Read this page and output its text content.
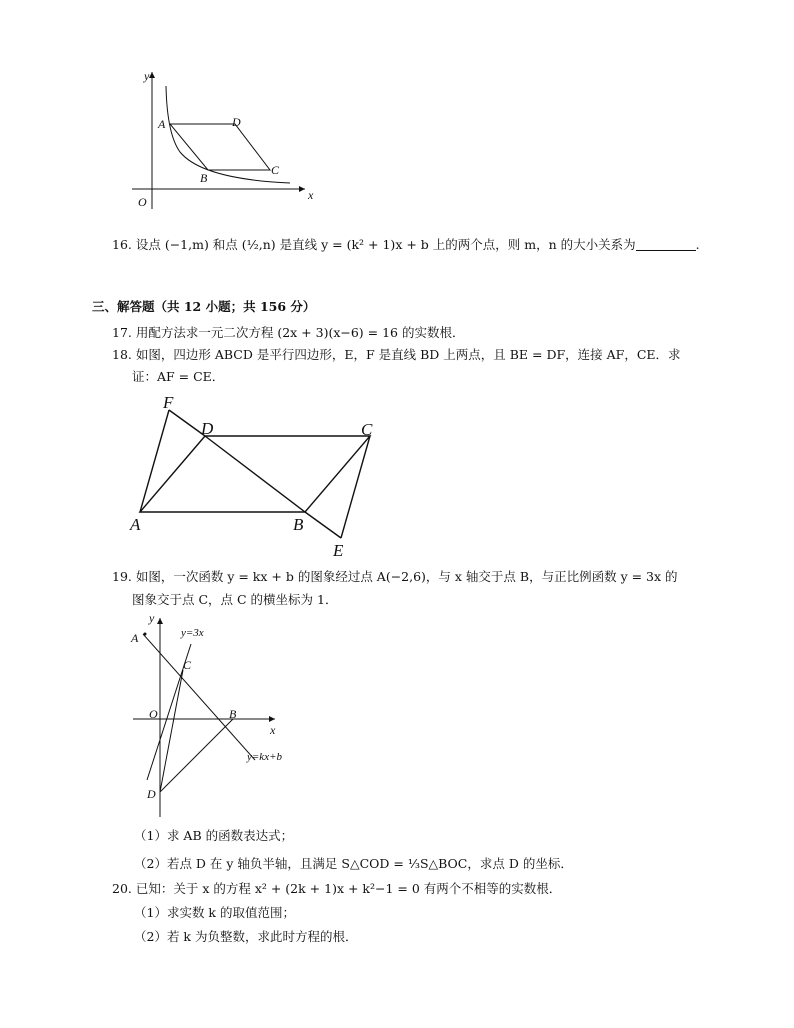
y
x
O
A	D
C
B
16. 设点 (−1,m) 和点 (½,n) 是直线 y = (k² + 1)x + b 上的两个点，则 m，n 的大小关系为	.
三、解答题（共 12 小题；共 156 分）
17. 用配方法求一元二次方程 (2x + 3)(x−6) = 16 的实数根．
18. 如图，四边形 ABCD 是平行四边形，E，F 是直线 BD 上两点，且 BE = DF，连接 AF，CE．求
证：AF = CE．
F
D	C
A	B
E
19. 如图，一次函数 y = kx + b 的图象经过点 A(−2,6)，与 x 轴交于点 B，与正比例函数 y = 3x 的
图象交于点 C，点 C 的横坐标为 1．
y
x
A	y=3x
C
O	B
y=kx+b
D
（1）求 AB 的函数表达式；
（2）若点 D 在 y 轴负半轴，且满足 S△COD = ⅓S△BOC，求点 D 的坐标．
20. 已知：关于 x 的方程 x² + (2k + 1)x + k²−1 = 0 有两个不相等的实数根．
（1）求实数 k 的取值范围；
（2）若 k 为负整数，求此时方程的根．
